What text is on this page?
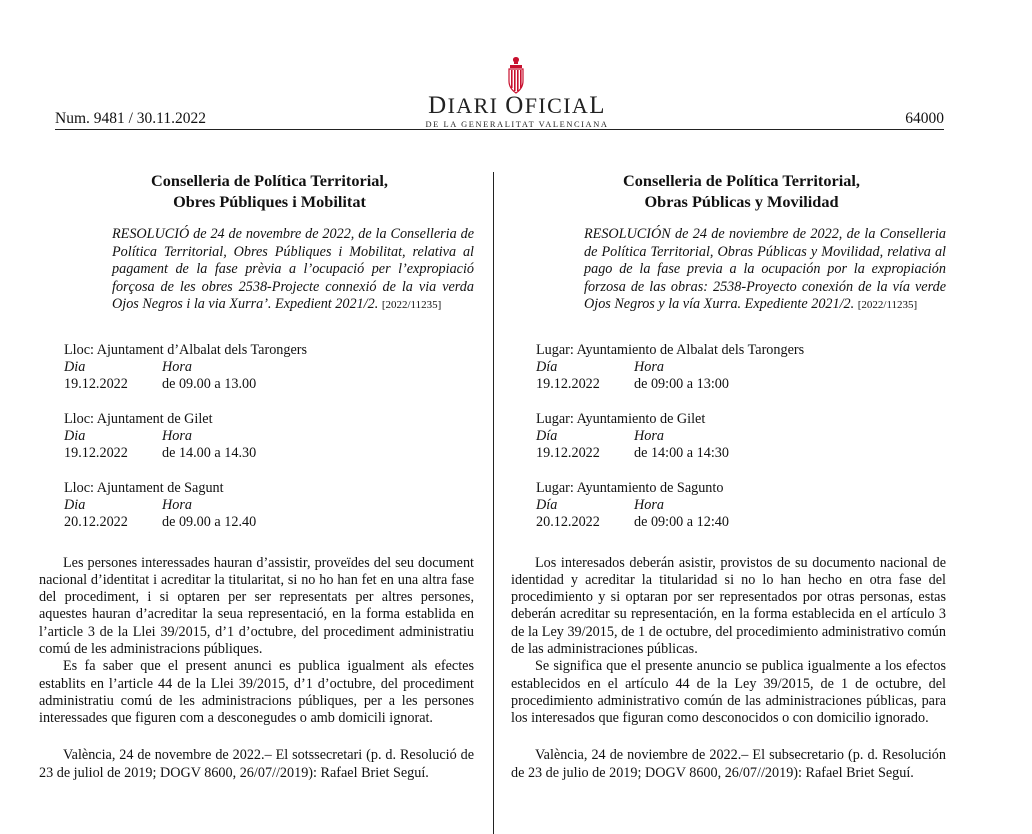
Num. 9481 / 30.11.2022	DIARI OFICIAL
DE LA GENERALITAT VALENCIANA	64000
Conselleria de Política Territorial,
Obres Públiques i Mobilitat
RESOLUCIÓ de 24 de novembre de 2022, de la Conselleria de Política Territorial, Obres Públiques i Mobilitat, relativa al pagament de la fase prèvia a l’ocupació per l’expropiació forçosa de les obres 2538-Projecte connexió de la via verda Ojos Negros i la via Xurra’. Expedient 2021/2. [2022/11235]
Lloc: Ajuntament d’Albalat dels Tarongers
Dia	Hora
19.12.2022	de 09.00 a 13.00
Lloc: Ajuntament de Gilet
Dia	Hora
19.12.2022	de 14.00 a 14.30
Lloc: Ajuntament de Sagunt
Dia	Hora
20.12.2022	de 09.00 a 12.40

Les persones interessades hauran d’assistir, proveïdes del seu document nacional d’identitat i acreditar la titularitat, si no ho han fet en una altra fase del procediment, i si optaren per ser representats per altres persones, aquestes hauran d’acreditar la seua representació, en la forma establida en l’article 3 de la Llei 39/2015, d’1 d’octubre, del procediment administratiu comú de les administracions públiques.

Es fa saber que el present anunci es publica igualment als efectes establits en l’article 44 de la Llei 39/2015, d’1 d’octubre, del procediment administratiu comú de les administracions públiques, per a les persones interessades que figuren com a desconegudes o amb domicili ignorat.

València, 24 de novembre de 2022.– El sotssecretari (p. d. Resolució de 23 de juliol de 2019; DOGV 8600, 26/07//2019): Rafael Briet Seguí.

Conselleria de Política Territorial,
Obras Públicas y Movilidad
RESOLUCIÓN de 24 de noviembre de 2022, de la Conselleria de Política Territorial, Obras Públicas y Movilidad, relativa al pago de la fase previa a la ocupación por la expropiación forzosa de las obras: 2538-Proyecto conexión de la vía verde Ojos Negros y la vía Xurra. Expediente 2021/2. [2022/11235]
Lugar: Ayuntamiento de Albalat dels Tarongers
Día	Hora
19.12.2022	de 09:00 a 13:00
Lugar: Ayuntamiento de Gilet
Día	Hora
19.12.2022	de 14:00 a 14:30
Lugar: Ayuntamiento de Sagunto
Día	Hora
20.12.2022	de 09:00 a 12:40

Los interesados deberán asistir, provistos de su documento nacional de identidad y acreditar la titularidad si no lo han hecho en otra fase del procedimiento y si optaran por ser representados por otras personas, estas deberán acreditar su representación, en la forma establecida en el artículo 3 de la Ley 39/2015, de 1 de octubre, del procedimiento administrativo común de las administraciones públicas.

Se significa que el presente anuncio se publica igualmente a los efectos establecidos en el artículo 44 de la Ley 39/2015, de 1 de octubre, del procedimiento administrativo común de las administraciones públicas, para los interesados que figuran como desconocidos o con domicilio ignorado.

València, 24 de noviembre de 2022.– El subsecretario (p. d. Resolución de 23 de julio de 2019; DOGV 8600, 26/07//2019): Rafael Briet Seguí.
